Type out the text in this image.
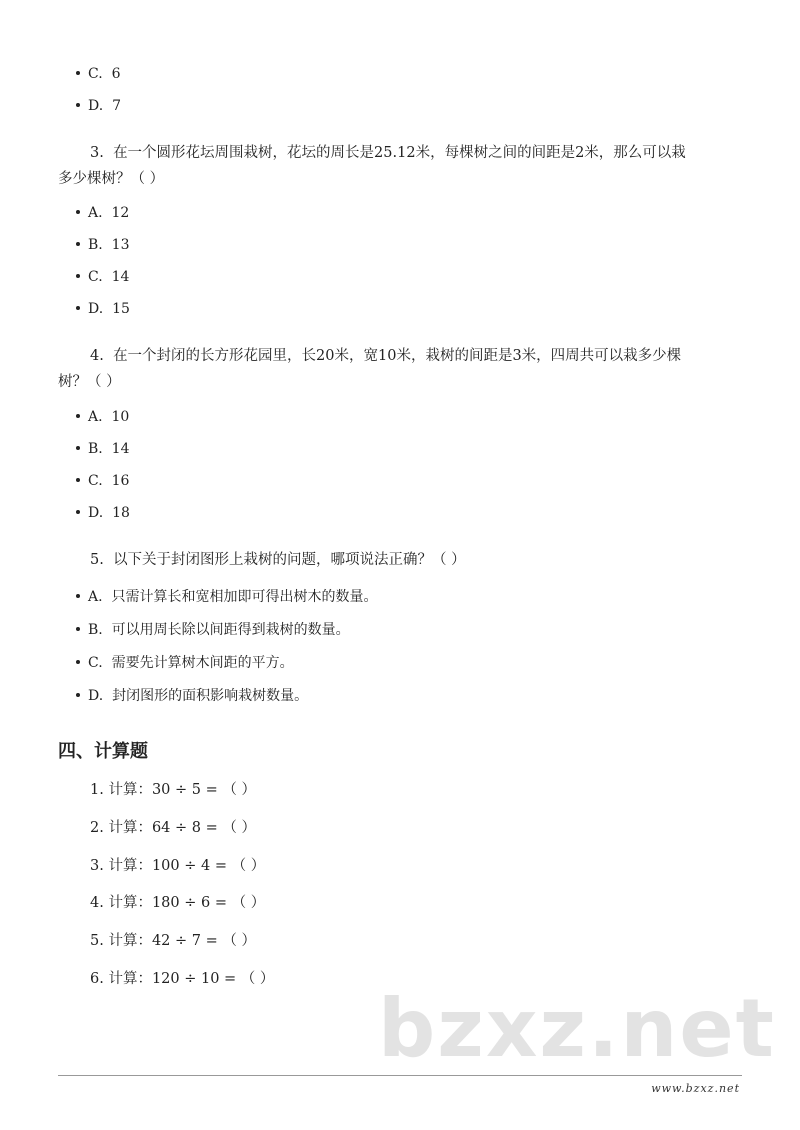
C. 6
D. 7
3. 在一个圆形花坛周围栽树，花坛的周长是25.12米，每棵树之间的间距是2米，那么可以栽
多少棵树？（ ）
A. 12
B. 13
C. 14
D. 15
4. 在一个封闭的长方形花园里，长20米，宽10米，栽树的间距是3米，四周共可以栽多少棵
树？（ ）
A. 10
B. 14
C. 16
D. 18
5. 以下关于封闭图形上栽树的问题，哪项说法正确？（ ）
A. 只需计算长和宽相加即可得出树木的数量。
B. 可以用周长除以间距得到栽树的数量。
C. 需要先计算树木间距的平方。
D. 封闭图形的面积影响栽树数量。
四、计算题
1. 计算：30 ÷ 5 = （ ）
2. 计算：64 ÷ 8 = （ ）
3. 计算：100 ÷ 4 = （ ）
4. 计算：180 ÷ 6 = （ ）
5. 计算：42 ÷ 7 = （ ）
6. 计算：120 ÷ 10 = （ ）
bzxz.net
www.bzxz.net
